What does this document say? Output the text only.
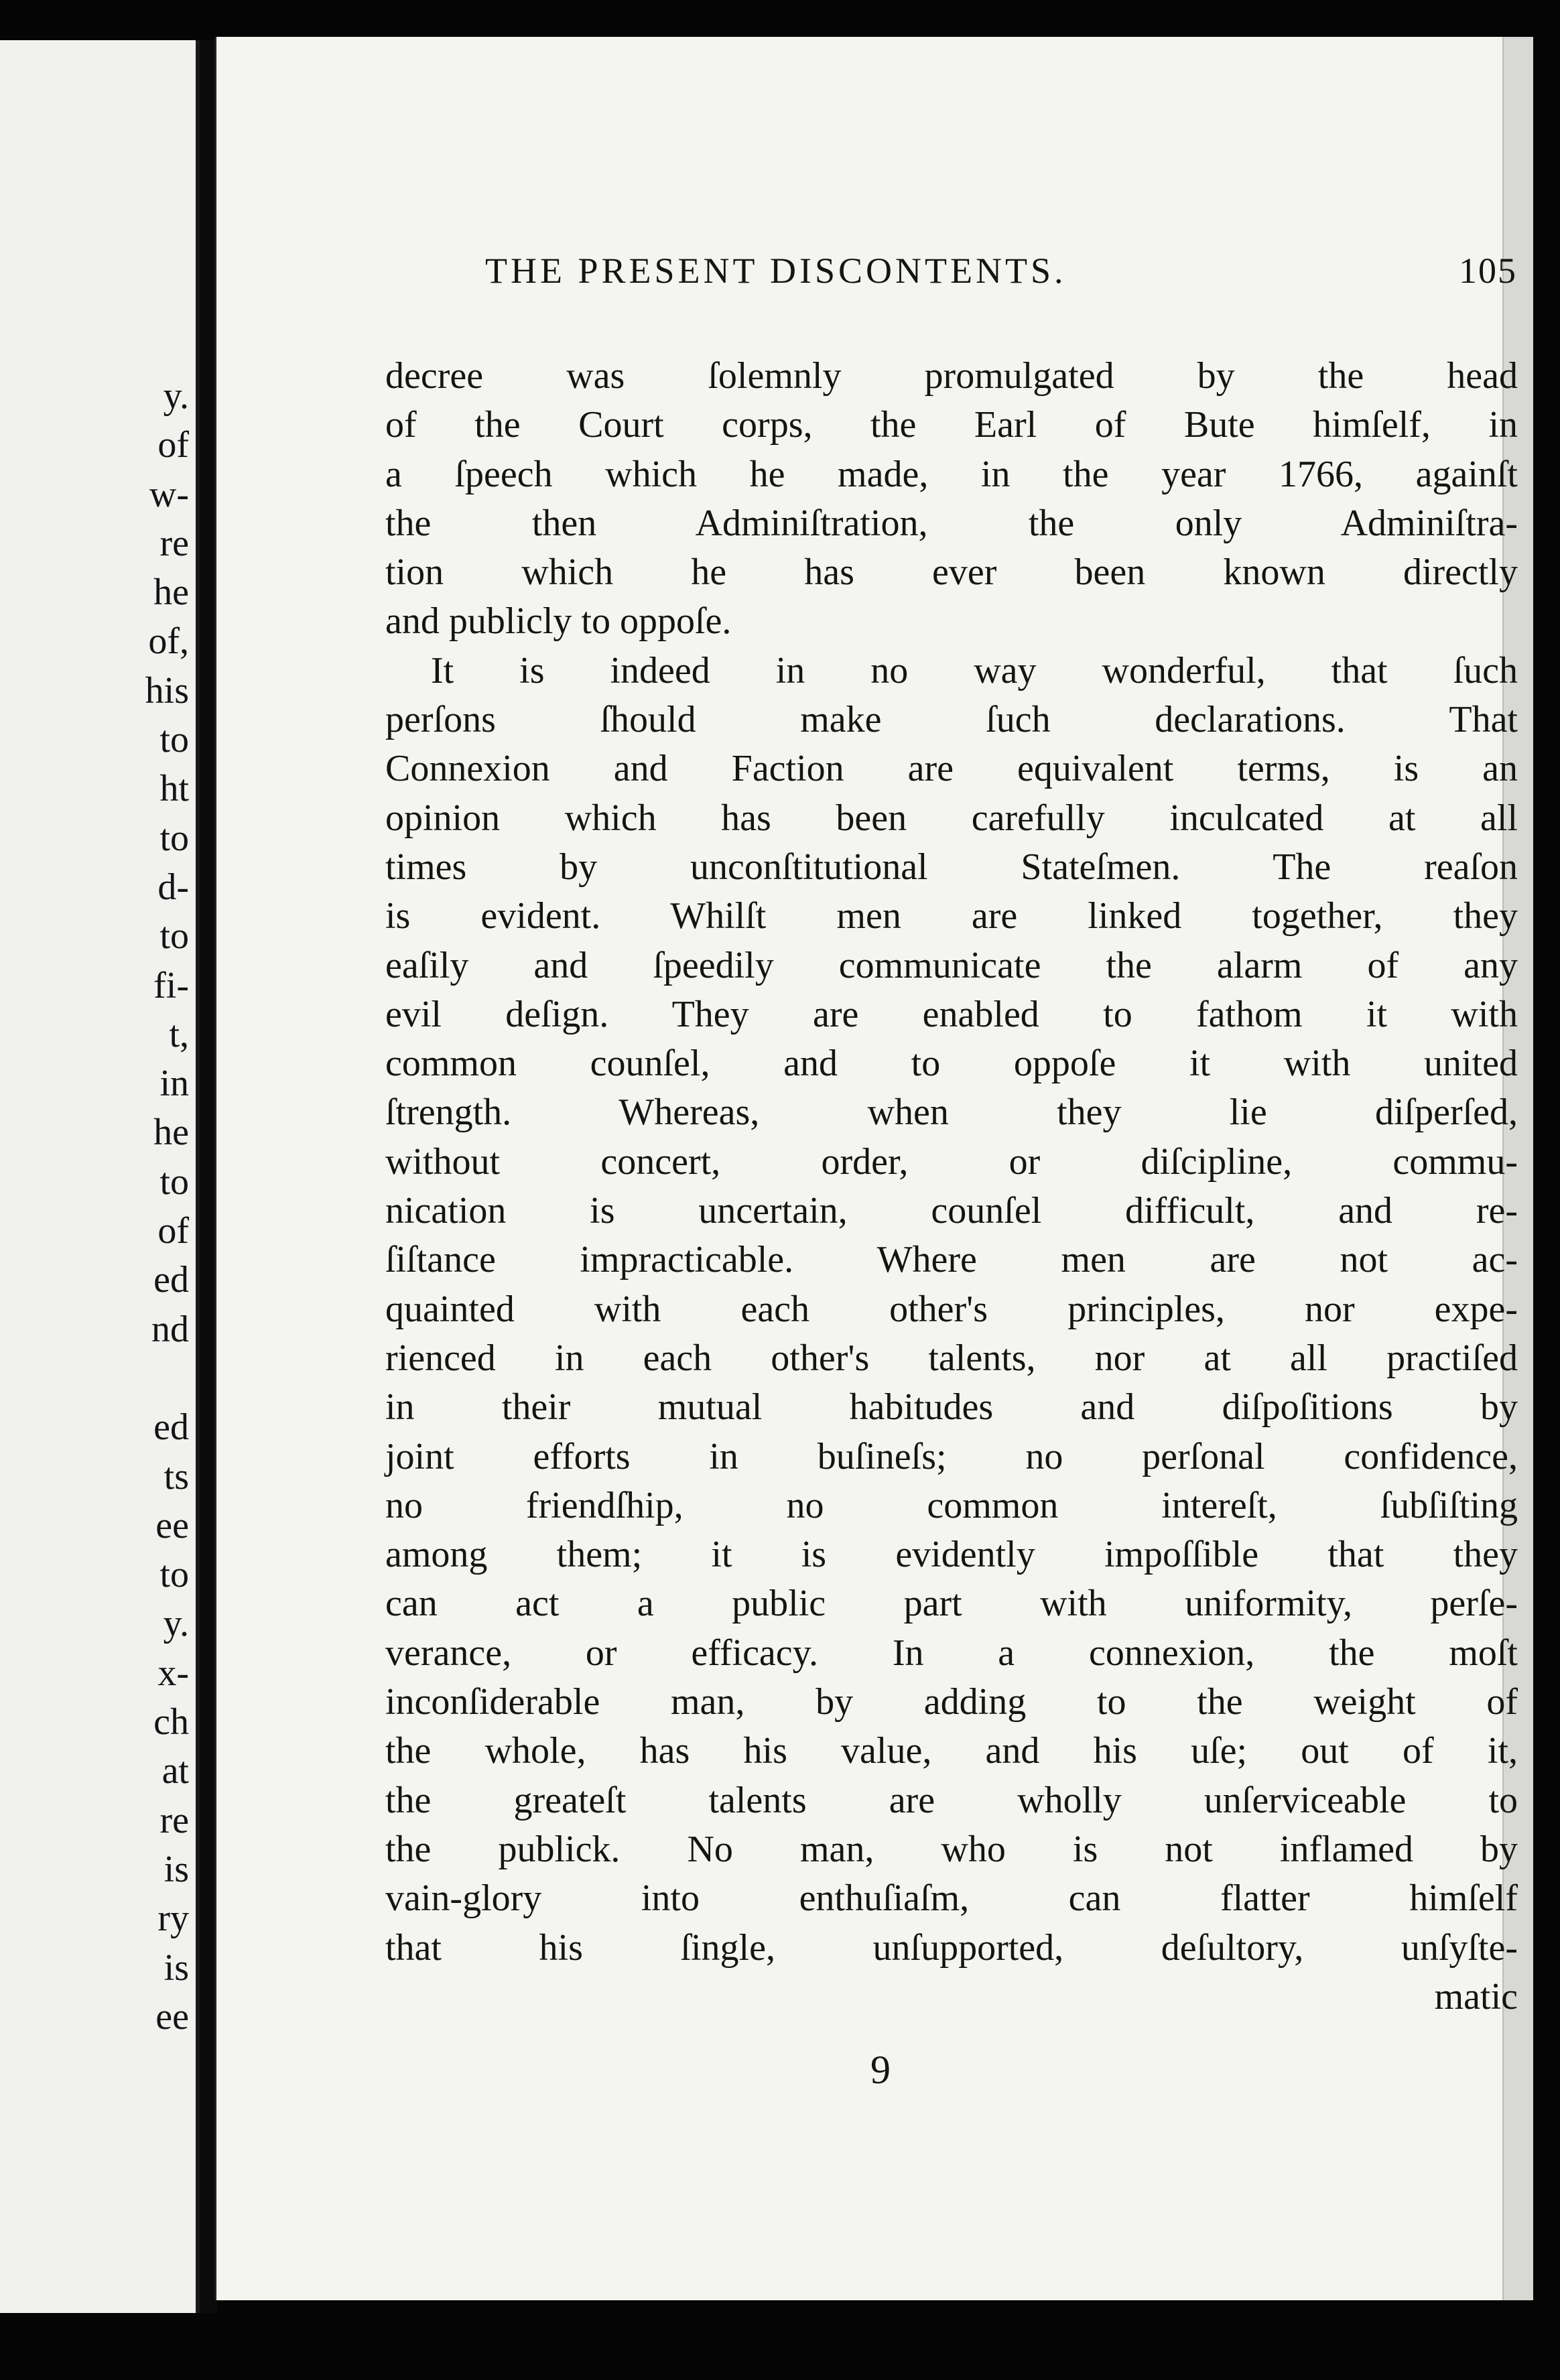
y.
of
w-
re
he
of,
his
to
ht
to
d-
to
fi-
t,
in
he
to
of
ed
nd
ed
ts
ee
to
y.
x-
ch
at
re
is
ry
is
ee
THE PRESENT DISCONTENTS.	105
decree was ſolemnly promulgated by the head
of the Court corps, the Earl of Bute himſelf, in
a ſpeech which he made, in the year 1766, againſt
the then Adminiſtration, the only Adminiſtra-
tion which he has ever been known directly
and publicly to oppoſe.
It is indeed in no way wonderful, that ſuch
perſons ſhould make ſuch declarations. That
Connexion and Faction are equivalent terms, is an
opinion which has been carefully inculcated at all
times by unconſtitutional Stateſmen. The reaſon
is evident. Whilſt men are linked together, they
eaſily and ſpeedily communicate the alarm of any
evil deſign. They are enabled to fathom it with
common counſel, and to oppoſe it with united
ſtrength. Whereas, when they lie diſperſed,
without concert, order, or diſcipline, commu-
nication is uncertain, counſel difficult, and re-
ſiſtance impracticable. Where men are not ac-
quainted with each other's principles, nor expe-
rienced in each other's talents, nor at all practiſed
in their mutual habitudes and diſpoſitions by
joint efforts in buſineſs; no perſonal confidence,
no friendſhip, no common intereſt, ſubſiſting
among them; it is evidently impoſſible that they
can act a public part with uniformity, perſe-
verance, or efficacy. In a connexion, the moſt
inconſiderable man, by adding to the weight of
the whole, has his value, and his uſe; out of it,
the greateſt talents are wholly unſerviceable to
the publick. No man, who is not inflamed by
vain-glory into enthuſiaſm, can flatter himſelf
that his ſingle, unſupported, deſultory, unſyſte-
matic
9
